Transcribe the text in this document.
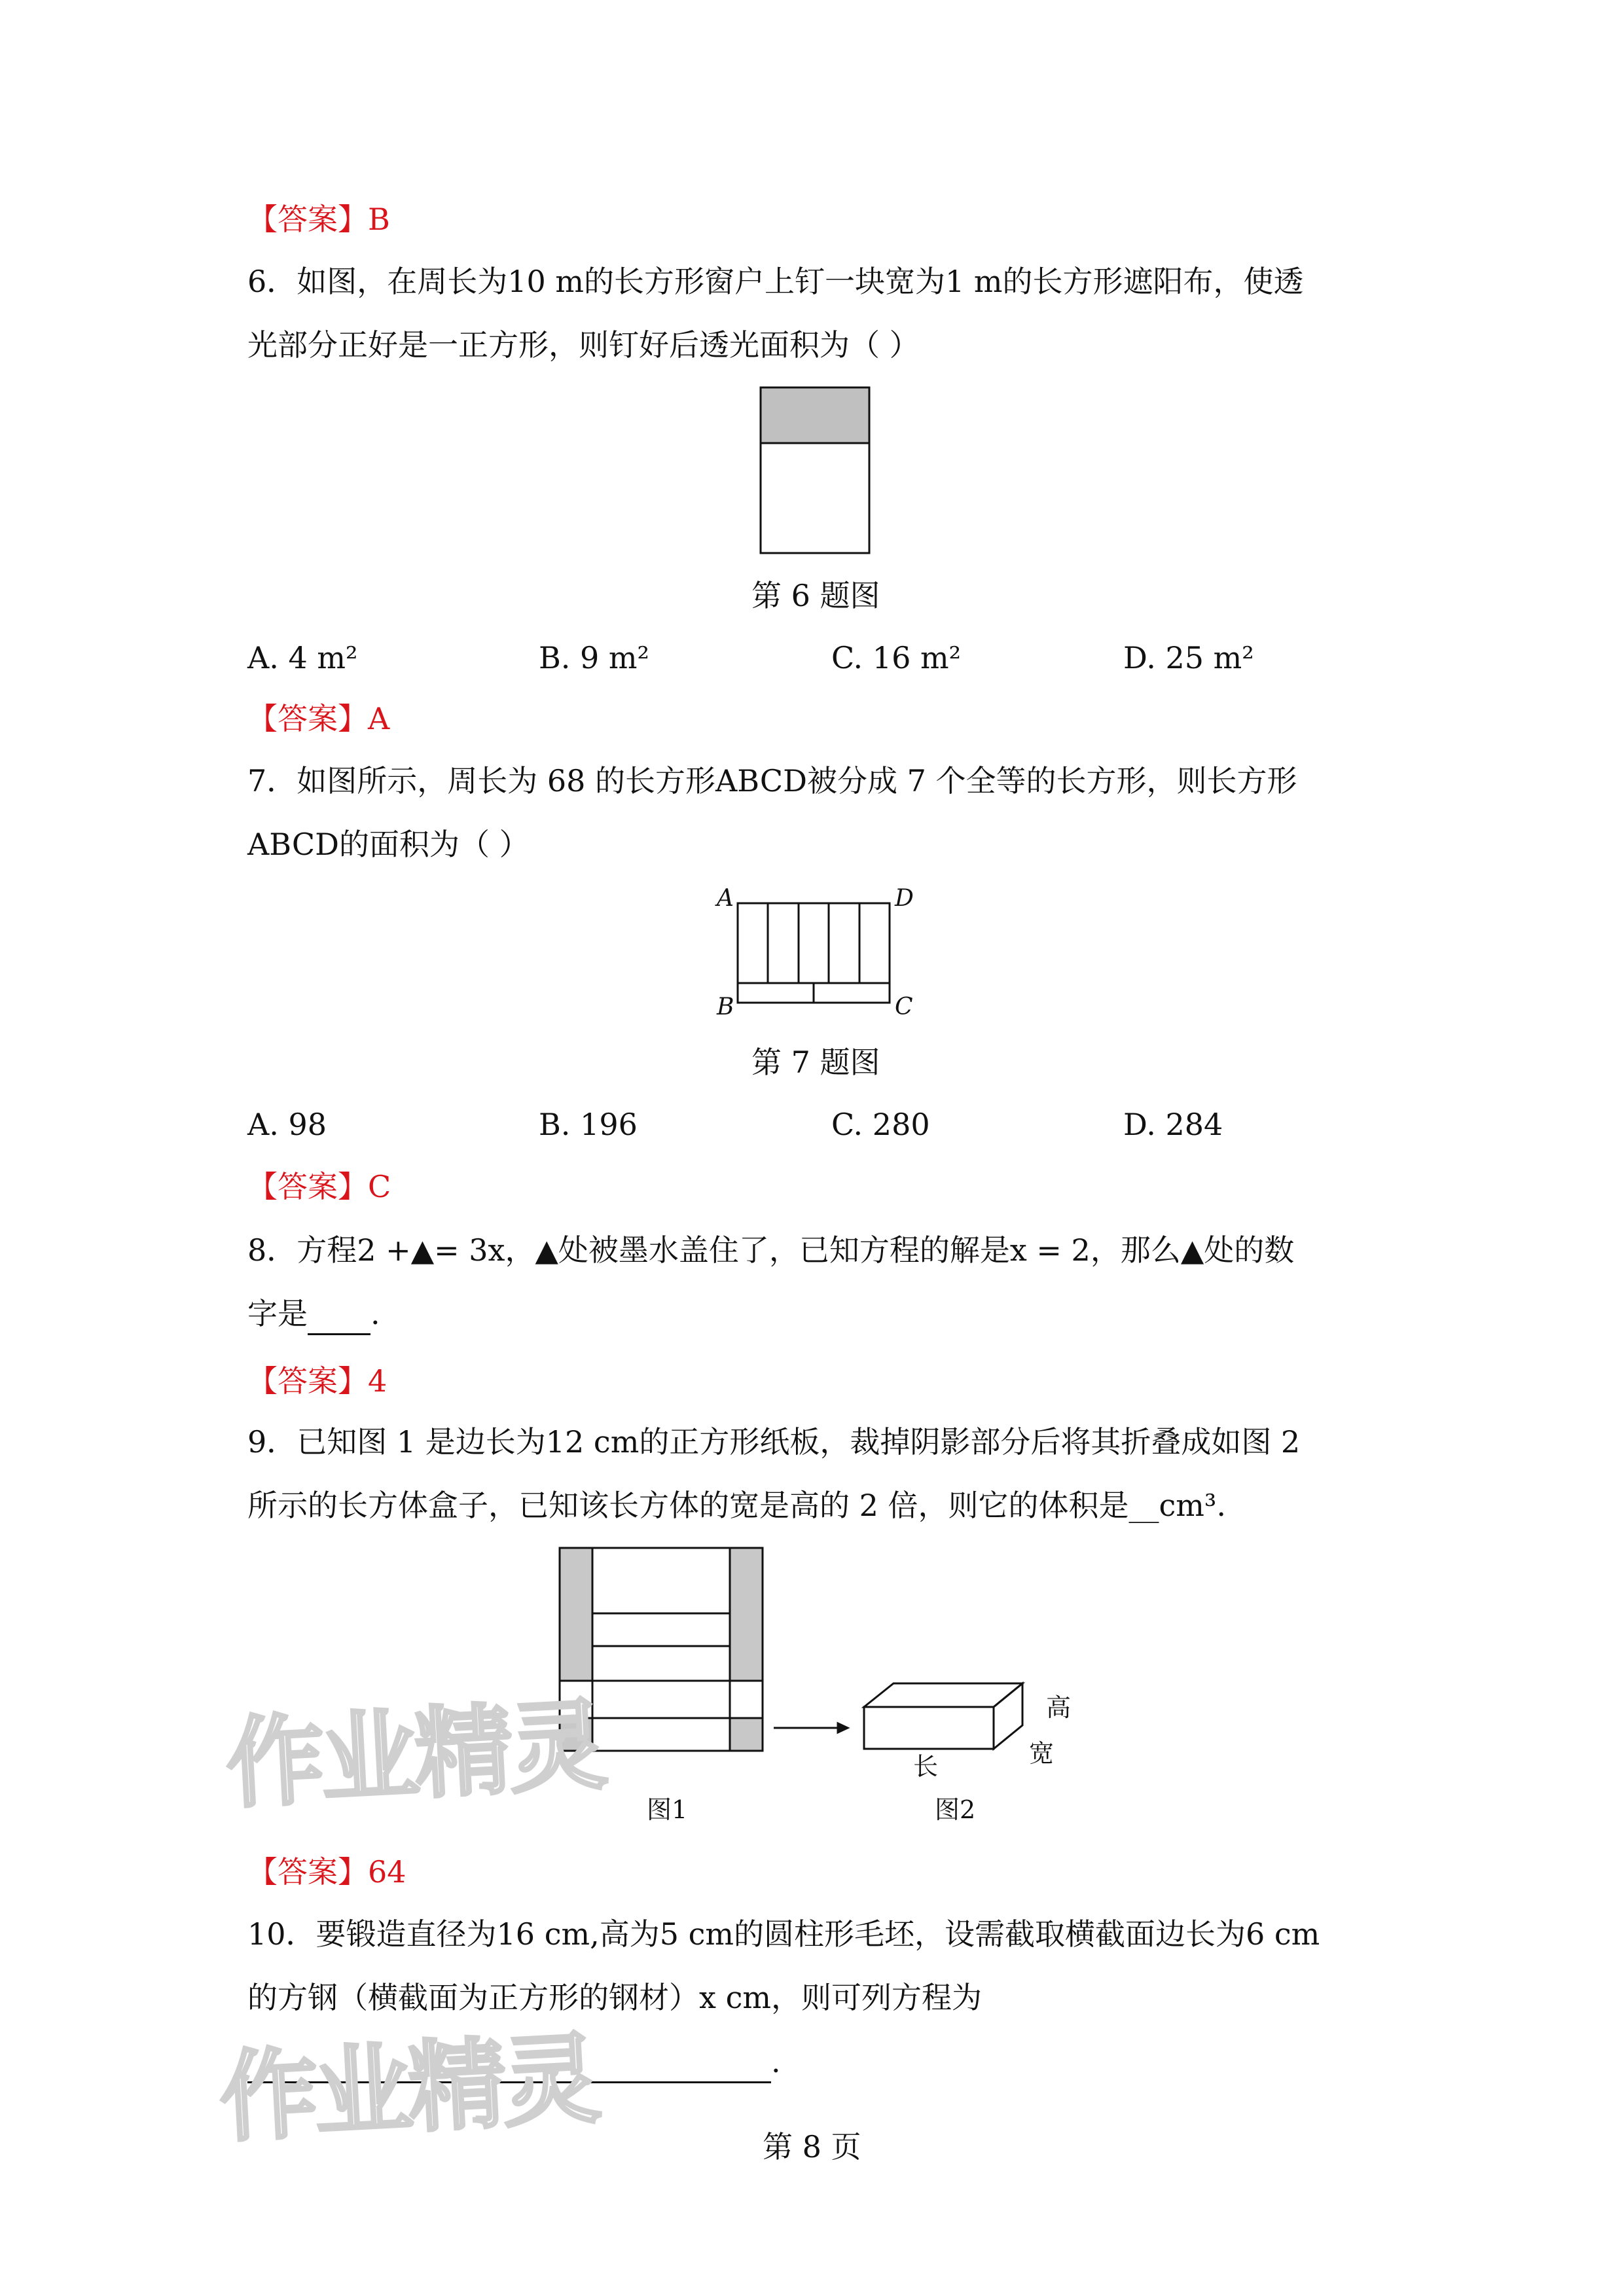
【答案】B
6．如图，在周长为10 m的长方形窗户上钉一块宽为1 m的长方形遮阳布，使透
光部分正好是一正方形，则钉好后透光面积为（ ）
第 6 题图
A. 4 m²	B. 9 m²	C. 16 m²	D. 25 m²
【答案】A
7．如图所示，周长为 68 的长方形ABCD被分成 7 个全等的长方形，则长方形
ABCD的面积为（ ）
A	D
B	C
第 7 题图
A. 98	B. 196	C. 280	D. 284
【答案】C
8．方程2 +▲= 3x，▲处被墨水盖住了，已知方程的解是x = 2，那么▲处的数
字是 .
【答案】4
9．已知图 1 是边长为12 cm的正方形纸板，裁掉阴影部分后将其折叠成如图 2
所示的长方体盒子，已知该长方体的宽是高的 2 倍，则它的体积是__cm³.
高
宽
长
图1	图2
【答案】64
10．要锻造直径为16 cm,高为5 cm的圆柱形毛坯，设需截取横截面边长为6 cm
的方钢（横截面为正方形的钢材）x cm，则可列方程为
.
作业精灵
作业精灵	第 8 页
